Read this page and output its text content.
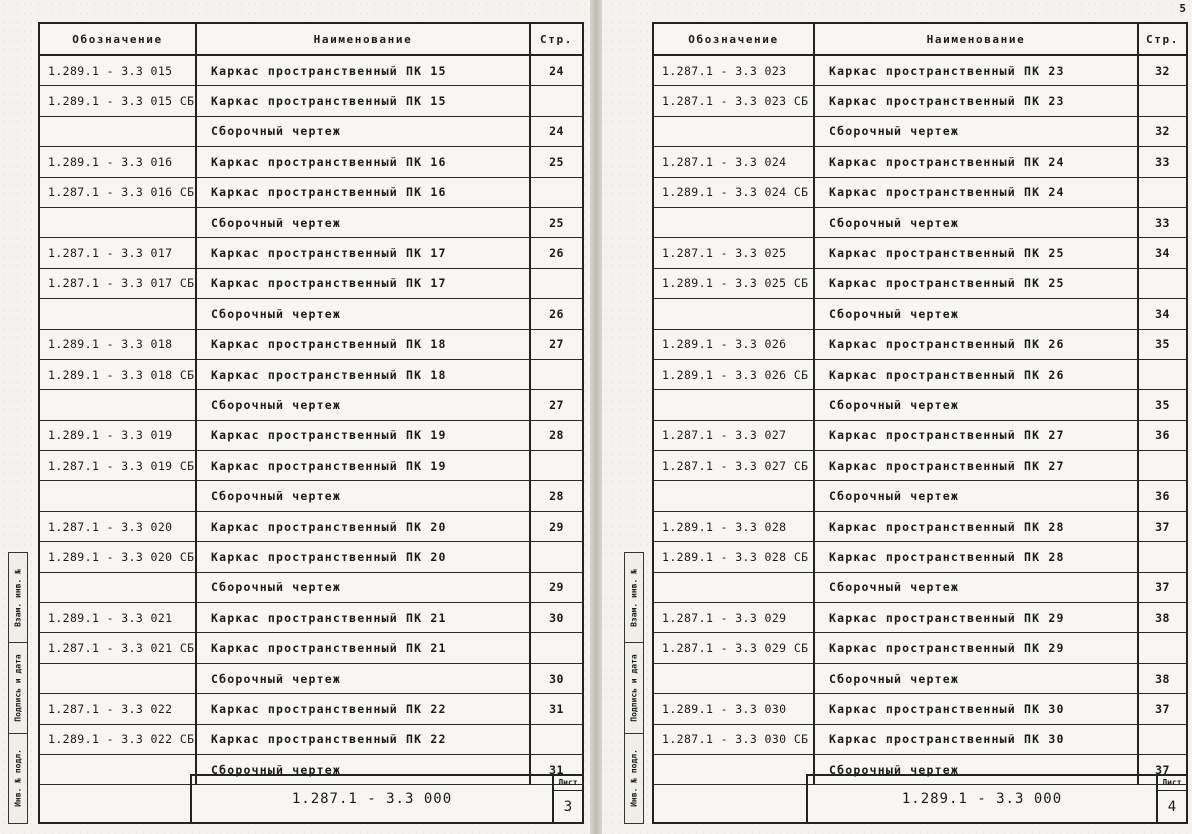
Обозначение	Наименование	Стр.
1.289.1 - 3.3 015	Каркас пространственный ПК 15	24
1.289.1 - 3.3 015 СБ	Каркас пространственный ПК 15	
	Сборочный чертеж	24
1.289.1 - 3.3 016	Каркас пространственный ПК 16	25
1.287.1 - 3.3 016 СБ	Каркас пространственный ПК 16	
	Сборочный чертеж	25
1.287.1 - 3.3 017	Каркас пространственный ПК 17	26
1.287.1 - 3.3 017 СБ	Каркас пространственный ПК 17	
	Сборочный чертеж	26
1.289.1 - 3.3 018	Каркас пространственный ПК 18	27
1.289.1 - 3.3 018 СБ	Каркас пространственный ПК 18	
	Сборочный чертеж	27
1.289.1 - 3.3 019	Каркас пространственный ПК 19	28
1.287.1 - 3.3 019 СБ	Каркас пространственный ПК 19	
	Сборочный чертеж	28
1.287.1 - 3.3 020	Каркас пространственный ПК 20	29
1.289.1 - 3.3 020 СБ	Каркас пространственный ПК 20	
	Сборочный чертеж	29
1.289.1 - 3.3 021	Каркас пространственный ПК 21	30
1.287.1 - 3.3 021 СБ	Каркас пространственный ПК 21	
	Сборочный чертеж	30
1.287.1 - 3.3 022	Каркас пространственный ПК 22	31
1.289.1 - 3.3 022 СБ	Каркас пространственный ПК 22	
	Сборочный чертеж	31
1.287.1 - 3.3 000
Лист
3
Взам. инв. №
Подпись и дата
Инв. № подл.
5
Обозначение	Наименование	Стр.
1.287.1 - 3.3 023	Каркас пространственный ПК 23	32
1.287.1 - 3.3 023 СБ	Каркас пространственный ПК 23	
	Сборочный чертеж	32
1.287.1 - 3.3 024	Каркас пространственный ПК 24	33
1.289.1 - 3.3 024 СБ	Каркас пространственный ПК 24	
	Сборочный чертеж	33
1.287.1 - 3.3 025	Каркас пространственный ПК 25	34
1.289.1 - 3.3 025 СБ	Каркас пространственный ПК 25	
	Сборочный чертеж	34
1.289.1 - 3.3 026	Каркас пространственный ПК 26	35
1.289.1 - 3.3 026 СБ	Каркас пространственный ПК 26	
	Сборочный чертеж	35
1.287.1 - 3.3 027	Каркас пространственный ПК 27	36
1.287.1 - 3.3 027 СБ	Каркас пространственный ПК 27	
	Сборочный чертеж	36
1.289.1 - 3.3 028	Каркас пространственный ПК 28	37
1.289.1 - 3.3 028 СБ	Каркас пространственный ПК 28	
	Сборочный чертеж	37
1.287.1 - 3.3 029	Каркас пространственный ПК 29	38
1.287.1 - 3.3 029 СБ	Каркас пространственный ПК 29	
	Сборочный чертеж	38
1.289.1 - 3.3 030	Каркас пространственный ПК 30	37
1.287.1 - 3.3 030 СБ	Каркас пространственный ПК 30	
	Сборочный чертеж	37
1.289.1 - 3.3 000
Лист
4
Взам. инв. №
Подпись и дата
Инв. № подл.
